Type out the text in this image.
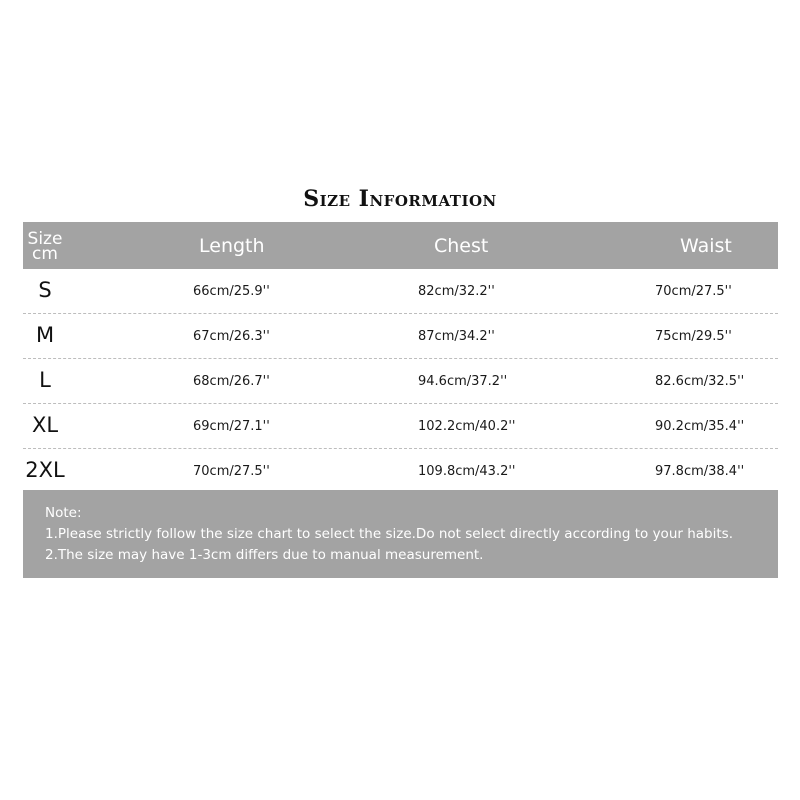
Size Information
Size
cm	Length	Chest	Waist
S	66cm/25.9''	82cm/32.2''	70cm/27.5''
M	67cm/26.3''	87cm/34.2''	75cm/29.5''
L	68cm/26.7''	94.6cm/37.2''	82.6cm/32.5''
XL	69cm/27.1''	102.2cm/40.2''	90.2cm/35.4''
2XL	70cm/27.5''	109.8cm/43.2''	97.8cm/38.4''
Note:
1.Please strictly follow the size chart to select the size.Do not select directly according to your habits.
2.The size may have 1-3cm differs due to manual measurement.
